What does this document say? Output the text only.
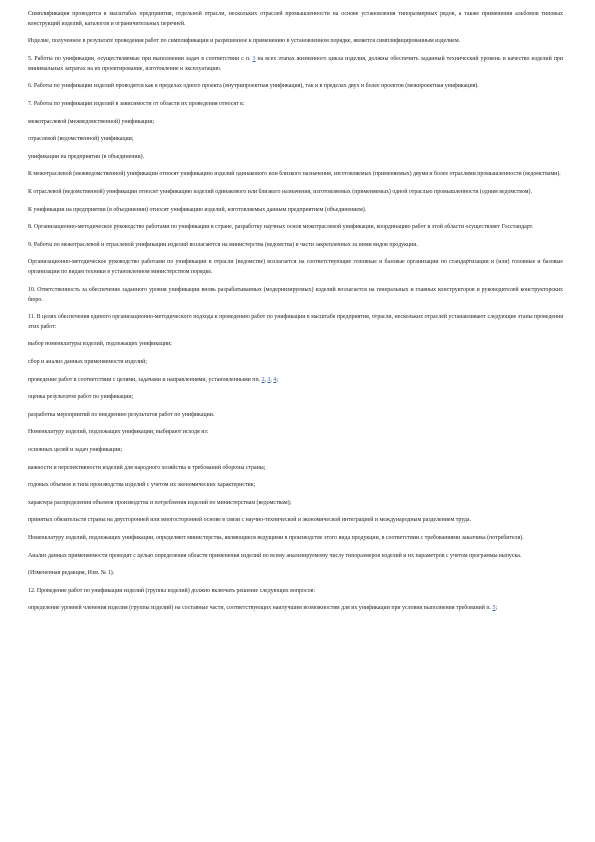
Симплификация проводится в масштабах предприятия, отдельной отрасли, нескольких отраслей промышленности на основе установления типоразмерных рядов, а также применения альбомов типовых конструкций изделий, каталогов и ограничительных перечней.

Изделие, полученное в результате проведения работ по симплификации и разрешенное к применению в установленном порядке, является симплифицированным изделием.

5. Работы по унификации, осуществляемые при выполнении задач в соответствии с п. 3 на всех этапах жизненного цикла изделия, должны обеспечить заданный технический уровень и качество изделий при минимальных затратах на их проектирование, изготовление и эксплуатацию.

6. Работы по унификации изделий проводятся как в пределах одного проекта (внутрипроектная унификация), так и в пределах двух и более проектов (межпроектная унификация).

7. Работы по унификации изделий в зависимости от области их проведения относят к:

межотраслевой (межведомственной) унификации;

отраслевой (ведомственной) унификации;

унификации на предприятии (в объединении).

К межотраслевой (межведомственной) унификации относят унификацию изделий одинакового или близкого назначения, изготовляемых (применяемых) двумя и более отраслями промышленности (ведомствами).

К отраслевой (ведомственной) унификации относят унификацию изделий одинакового или близкого назначения, изготовляемых (применяемых) одной отраслью промышленности (одним ведомством).

К унификации на предприятии (в объединении) относят унификацию изделий, изготовляемых данным предприятием (объединением).

8. Организационно-методическое руководство работами по унификации в стране, разработку научных основ межотраслевой унификации, координацию работ в этой области осуществляет Госстандарт.

9. Работы по межотраслевой и отраслевой унификации изделий возлагаются на министерства (ведомства) в части закрепленных за ними видов продукции.

Организационно-методическое руководство работами по унификации в отрасли (ведомстве) возлагается на соответствующие головные и базовые организации по стандартизации и (или) головные и базовые организации по видам техники в установленном министерством порядке.

10. Ответственность за обеспечение заданного уровня унификации вновь разрабатываемых (модернизируемых) изделий возлагается на генеральных и главных конструкторов и руководителей конструкторских бюро.

11. В целях обеспечения единого организационно-методического подхода к проведению работ по унификации в масштабе предприятия, отрасли, нескольких отраслей устанавливают следующие этапы проведения этих работ:

выбор номенклатуры изделий, подлежащих унификации;

сбор и анализ данных применяемости изделий;

проведение работ в соответствии с целями, задачами и направлениями, установленными пп. 2, 3, 4;

оценка результатов работ по унификации;

разработка мероприятий по внедрению результатов работ по унификации.

Номенклатуру изделий, подлежащих унификации, выбирают исходя из:

основных целей и задач унификации;

важности и перспективности изделий для народного хозяйства и требований обороны страны;

годовых объемов и типа производства изделий с учетом их экономических характеристик;

характера распределения объемов производства и потребления изделий по министерствам (ведомствам);

принятых обязательств страны на двусторонней или многосторонней основе в связи с научно-технической и экономической интеграцией и международным разделением труда.

Номенклатуру изделий, подлежащих унификации, определяют министерства, являющиеся ведущими в производстве этого вида продукции, в соответствии с требованиями заказчика (потребителя).

Анализ данных применяемости проводят с целью определения области применения изделий по всему анализируемому числу типоразмеров изделий и их параметров с учетом программы выпуска.

(Измененная редакция, Изм. № 1).

12. Проведение работ по унификации изделий (группы изделий) должно включать решение следующих вопросов:

определение уровней членения изделия (группы изделий) на составные части, соответствующих наилучшим возможностям для их унификации при условии выполнения требований п. 5;
